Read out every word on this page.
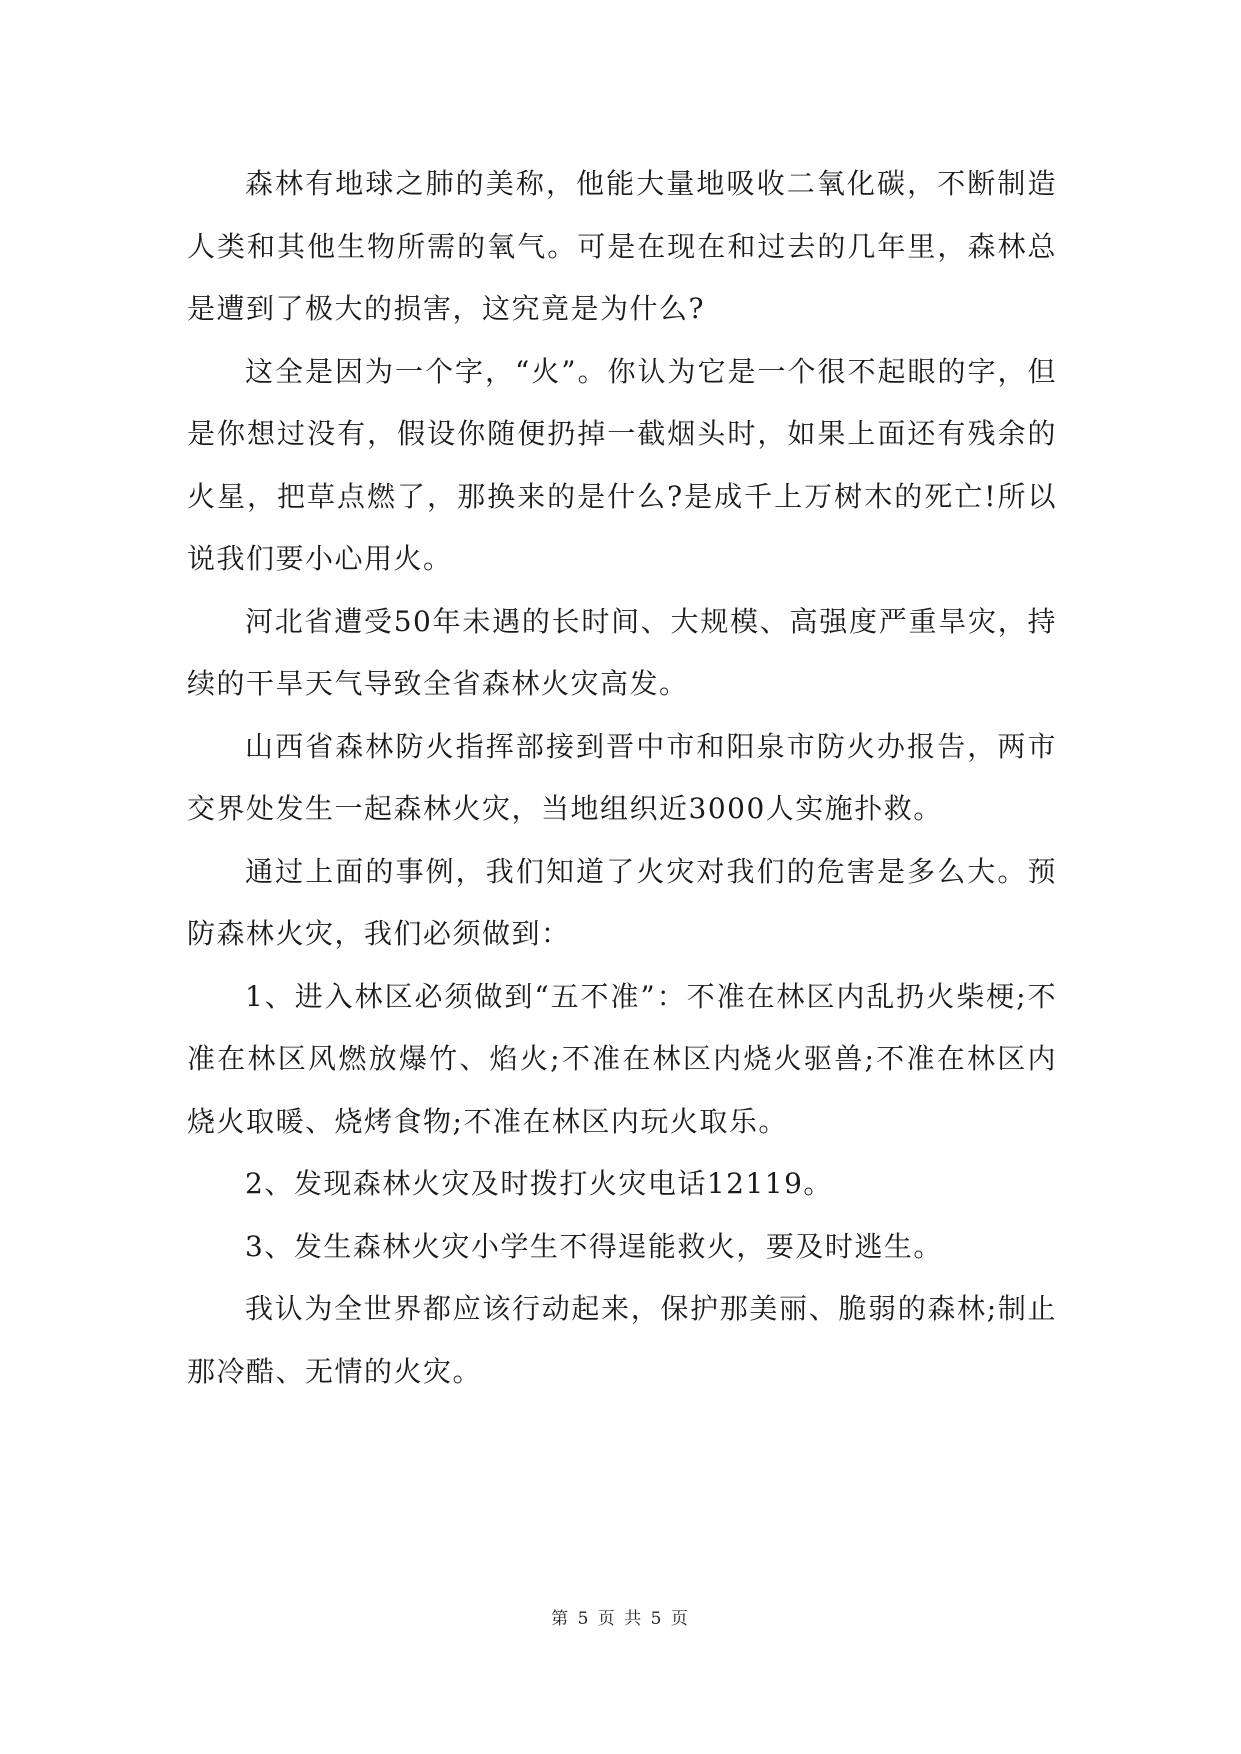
森林有地球之肺的美称，他能大量地吸收二氧化碳，不断制造人类和其他生物所需的氧气。可是在现在和过去的几年里，森林总是遭到了极大的损害，这究竟是为什么?

这全是因为一个字，“火”。你认为它是一个很不起眼的字，但是你想过没有，假设你随便扔掉一截烟头时，如果上面还有残余的火星，把草点燃了，那换来的是什么?是成千上万树木的死亡!所以说我们要小心用火。

河北省遭受50年未遇的长时间、大规模、高强度严重旱灾，持续的干旱天气导致全省森林火灾高发。

山西省森林防火指挥部接到晋中市和阳泉市防火办报告，两市交界处发生一起森林火灾，当地组织近3000人实施扑救。

通过上面的事例，我们知道了火灾对我们的危害是多么大。预防森林火灾，我们必须做到：

1、进入林区必须做到“五不准”：不准在林区内乱扔火柴梗;不准在林区风燃放爆竹、焰火;不准在林区内烧火驱兽;不准在林区内烧火取暖、烧烤食物;不准在林区内玩火取乐。

2、发现森林火灾及时拨打火灾电话12119。

3、发生森林火灾小学生不得逞能救火，要及时逃生。

我认为全世界都应该行动起来，保护那美丽、脆弱的森林;制止那冷酷、无情的火灾。

第 5 页 共 5 页
